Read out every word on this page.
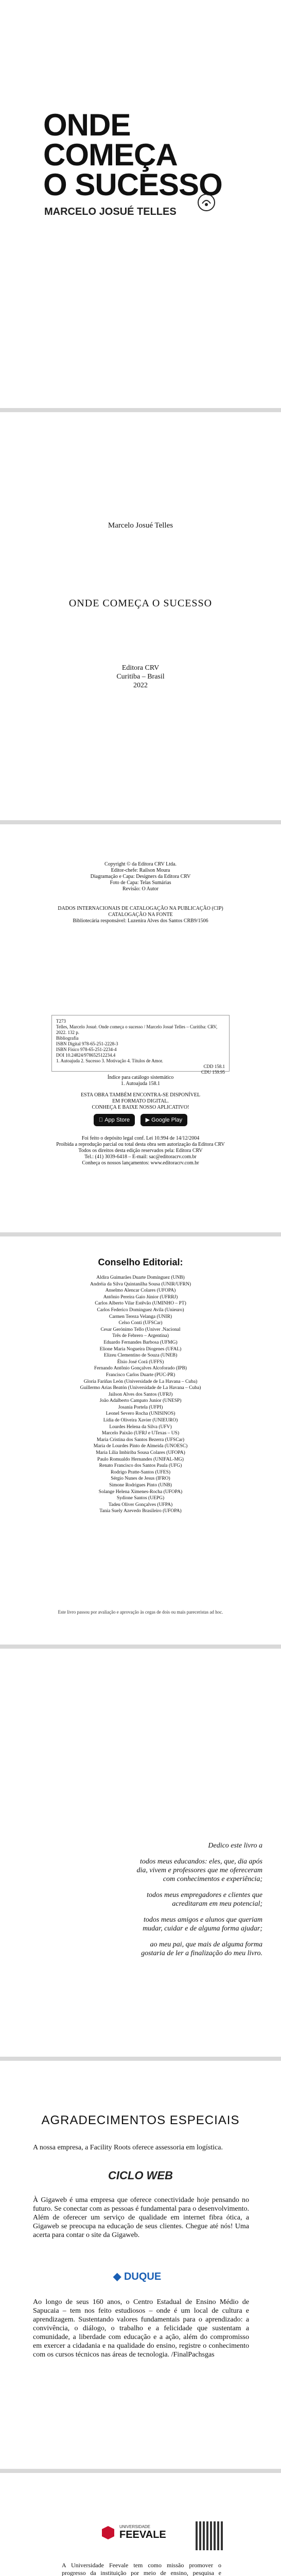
ONDE
COMEÇA
O SUCESSO
MARCELO JOSUÉ TELLES
Marcelo Josué Telles
ONDE COMEÇA O SUCESSO
Editora CRV
Curitiba – Brasil
2022
Copyright © da Editora CRV Ltda.
Editor-chefe: Railson Moura
Diagramação e Capa: Designers da Editora CRV
Foto de Capa: Telas Sumárias
Revisão: O Autor
DADOS INTERNACIONAIS DE CATALOGAÇÃO NA PUBLICAÇÃO (CIP)
CATALOGAÇÃO NA FONTE
Bibliotecária responsável: Luzenira Alves dos Santos CRB9/1506
T273
Telles, Marcelo Josué. Onde começa o sucesso / Marcelo Josué Telles – Curitiba: CRV, 2022. 132 p.
Bibliografia
ISBN Digital 978-65-251-2228-3
ISBN Físico 978-65-251-2234-4
DOI 10.24824/978652512234.4
1. Autoajuda 2. Sucesso 3. Motivação 4. Títulos de Amor.
CDD 158.1
CDU 159.95
Índice para catálogo sistemático
1. Autoajuda 158.1
ESTA OBRA TAMBÉM ENCONTRA-SE DISPONÍVEL
EM FORMATO DIGITAL.
CONHEÇA E BAIXE NOSSO APLICATIVO!
App Store	▶ Google Play
Foi feito o depósito legal conf. Lei 10.994 de 14/12/2004
Proibida a reprodução parcial ou total desta obra sem autorização da Editora CRV
Todos os direitos desta edição reservados pela: Editora CRV
Tel.: (41) 3039-6418 – E-mail: sac@editoracrv.com.br
Conheça os nossos lançamentos: www.editoracrv.com.br
Conselho Editorial:
Aldira Guimarães Duarte Domínguez (UNB)
Andréia da Silva Quintanilha Sousa (UNIR/UFRN)
Anselmo Alencar Colares (UFOPA)
Antônio Pereira Gaio Júnior (UFRRJ)
Carlos Alberto Vilar Estêvão (UMINHO – PT)
Carlos Federico Dominguez Avila (Unieuro)
Carmen Tereza Velanga (UNIR)
Celso Conti (UFSCar)
Cesar Gerónimo Tello (Univer .Nacional
Três de Febrero – Argentina)
Eduardo Fernandes Barbosa (UFMG)
Elione Maria Nogueira Diogenes (UFAL)
Elizeu Clementino de Souza (UNEB)
Élsio José Corá (UFFS)
Fernando Antônio Gonçalves Alcoforado (IPB)
Francisco Carlos Duarte (PUC-PR)
Gloria Fariñas León (Universidade de La Havana – Cuba)
Guillermo Arias Beatón (Universidade de La Havana – Cuba)
Jailson Alves dos Santos (UFRJ)
João Adalberto Campato Junior (UNESP)
Josania Portela (UFPI)
Leonel Severo Rocha (UNISINOS)
Lídia de Oliveira Xavier (UNIEURO)
Lourdes Helena da Silva (UFV)
Marcelo Paixão (UFRJ e UTexas – US)
Maria Cristina dos Santos Bezerra (UFSCar)
Maria de Lourdes Pinto de Almeida (UNOESC)
Maria Lília Imbiriba Sousa Colares (UFOPA)
Paulo Romualdo Hernandes (UNIFAL-MG)
Renato Francisco dos Santos Paula (UFG)
Rodrigo Pratte-Santos (UFES)
Sérgio Nunes de Jesus (IFRO)
Simone Rodrigues Pinto (UNB)
Solange Helena Ximenes-Rocha (UFOPA)
Sydione Santos (UEPG)
Tadeu Oliver Gonçalves (UFPA)
Tania Suely Azevedo Brasileiro (UFOPA)
Este livro passou por avaliação e aprovação às cegas de dois ou mais pareceristas ad hoc.

Dedico este livro a

todos meus educandos: eles, que, dia após dia, vivem e professores que me ofereceram com conhecimentos e experiência;

todos meus empregadores e clientes que acreditaram em meu potencial;

todos meus amigos e alunos que queriam mudar, cuidar e de alguma forma ajudar;

ao meu pai, que mais de alguma forma gostaria de ler a finalização do meu livro.

AGRADECIMENTOS ESPECIAIS
A nossa empresa, a Facility Roots oferece assessoria em logística.
CICLO WEB
À Gigaweb é uma empresa que oferece conectividade hoje pensando no futuro. Se conectar com as pessoas é fundamental para o desenvolvimento. Além de oferecer um serviço de qualidade em internet fibra ótica, a Gigaweb se preocupa na educação de seus clientes. Chegue até nós! Uma acerta para contar o site da Gigaweb.
◆ DUQUE
Ao longo de seus 160 anos, o Centro Estadual de Ensino Médio de Sapucaia – tem nos feito estudiosos – onde é um local de cultura e aprendizagem. Sustentando valores fundamentais para o aprendizado: a convivência, o diálogo, o trabalho e a felicidade que sustentam a comunidade, a liberdade com educação e a ação, além do compromisso em exercer a cidadania e na qualidade do ensino, registre o conhecimento com os cursos técnicos nas áreas de tecnologia. /FinalPachsgas
UNIVERSIDADE
FEEVALE
A Universidade Feevale tem como missão promover o progresso da instituição por meio de ensino, pesquisa e
